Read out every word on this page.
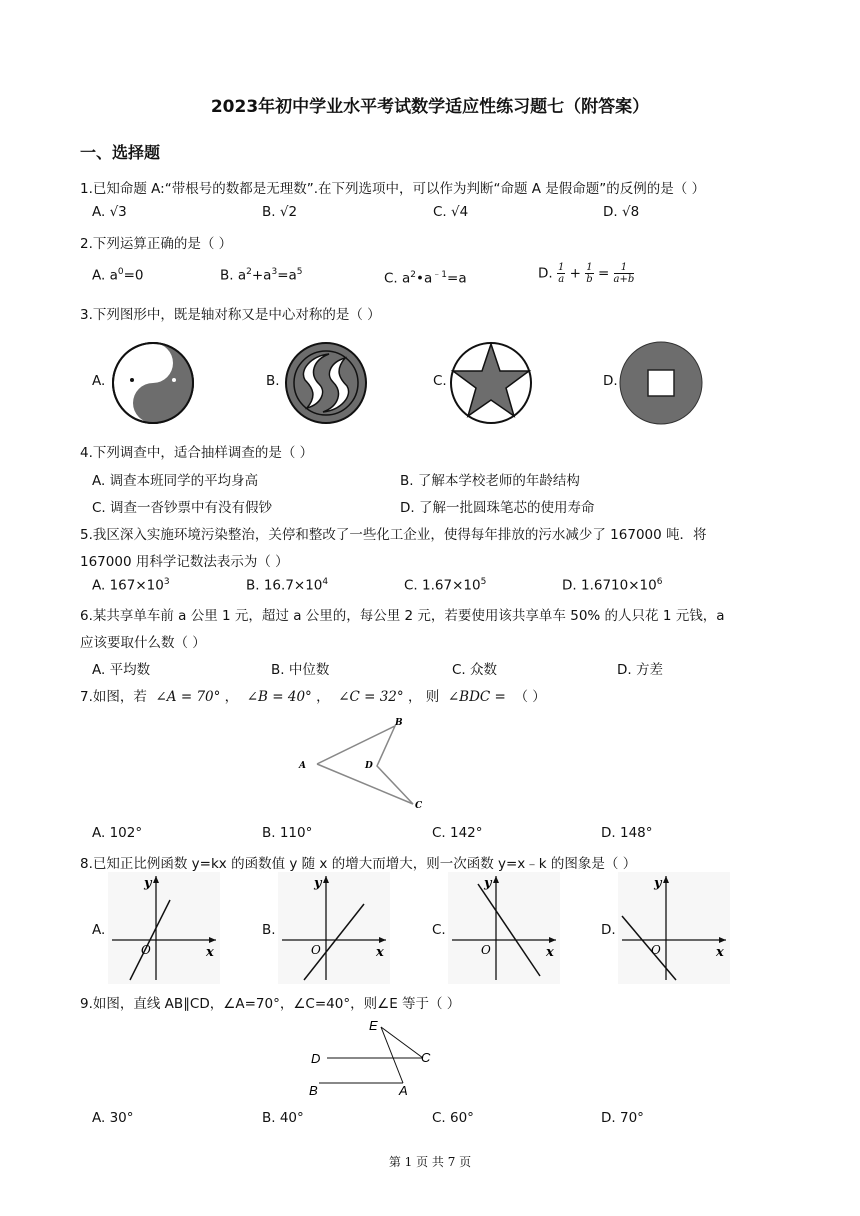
2023年初中学业水平考试数学适应性练习题七（附答案）
一、选择题
1.已知命题 A:“带根号的数都是无理数”.在下列选项中，可以作为判断“命题 A 是假命题”的反例的是（ ）
A. √3	B. √2	C. √4	D. √8
2.下列运算正确的是（ ）
A. $a^0=0$	B. $a^2+a^3=a^5$	C. $a^2•a^{﹣1}=a$	D. $\frac{1}{a} + \frac{1}{b} = \frac{1}{a+b}$
3.下列图形中，既是轴对称又是中心对称的是（ ）
A.	B.	C.	D.
4.下列调查中，适合抽样调查的是（ ）
A. 调查本班同学的平均身高	B. 了解本学校老师的年龄结构
C. 调查一沓钞票中有没有假钞	D. 了解一批圆珠笔芯的使用寿命
5.我区深入实施环境污染整治，关停和整改了一些化工企业，使得每年排放的污水减少了 167000 吨．将
167000 用科学记数法表示为（ ）
A. $167\times 10^3$	B. $16.7\times 10^4$	C. $1.67\times 10^5$	D. $1.6710\times 10^6$
6.某共享单车前 a 公里 1 元，超过 a 公里的，每公里 2 元，若要使用该共享单车 50% 的人只花 1 元钱，a
应该要取什么数（ ）
A. 平均数	B. 中位数	C. 众数	D. 方差
7.如图，若 ∠A = 70° ，  ∠B = 40° ，  ∠C = 32° ， 则 ∠BDC = （ ）
A
B
D
C
A. 102°	B. 110°	C. 142°	D. 148°
8.已知正比例函数 y=kx 的函数值 y 随 x 的增大而增大，则一次函数 y=x﹣k 的图象是（ ）
A.
y
x
O
B.
y
x
O
C.
y
x
O
D.
y
x
O
9.如图，直线 AB∥CD，∠A=70°，∠C=40°，则∠E 等于（ ）
E
D	C
B	A
A. 30°	B. 40°	C. 60°	D. 70°
第 1 页 共 7 页
